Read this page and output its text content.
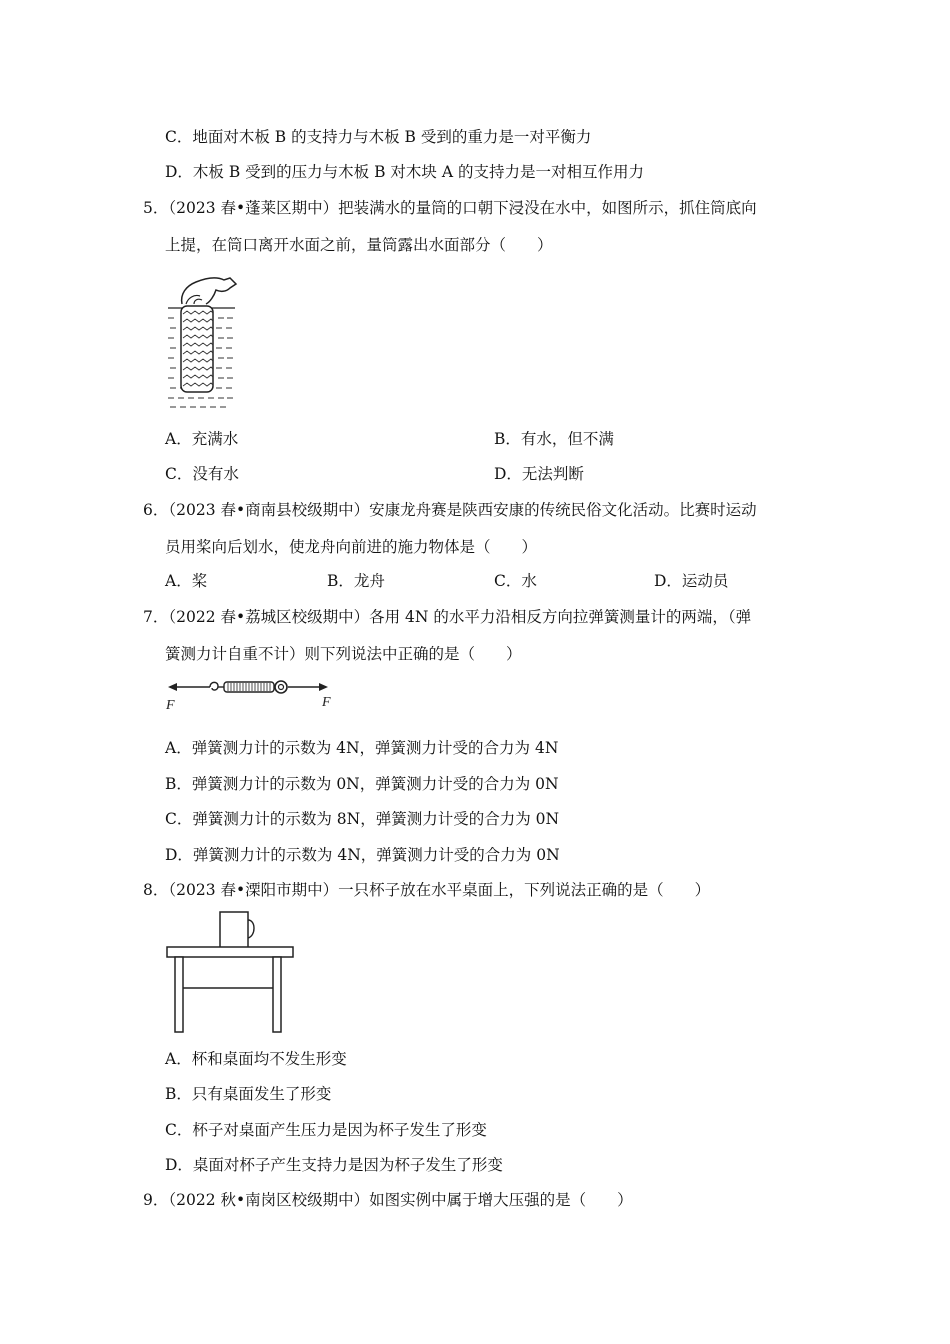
C．地面对木板 B 的支持力与木板 B 受到的重力是一对平衡力
D．木板 B 受到的压力与木板 B 对木块 A 的支持力是一对相互作用力
5．（2023 春•蓬莱区期中）把装满水的量筒的口朝下浸没在水中，如图所示，抓住筒底向
上提，在筒口离开水面之前，量筒露出水面部分（　　）
A．充满水	B．有水，但不满
C．没有水	D．无法判断
6．（2023 春•商南县校级期中）安康龙舟赛是陕西安康的传统民俗文化活动。比赛时运动
员用桨向后划水，使龙舟向前进的施力物体是（　　）
A．桨	B．龙舟	C．水	D．运动员
7．（2022 春•荔城区校级期中）各用 4N 的水平力沿相反方向拉弹簧测量计的两端，（弹
簧测力计自重不计）则下列说法中正确的是（　　）
F	F
A．弹簧测力计的示数为 4N，弹簧测力计受的合力为 4N
B．弹簧测力计的示数为 0N，弹簧测力计受的合力为 0N
C．弹簧测力计的示数为 8N，弹簧测力计受的合力为 0N
D．弹簧测力计的示数为 4N，弹簧测力计受的合力为 0N
8．（2023 春•溧阳市期中）一只杯子放在水平桌面上，下列说法正确的是（　　）
A．杯和桌面均不发生形变
B．只有桌面发生了形变
C．杯子对桌面产生压力是因为杯子发生了形变
D．桌面对杯子产生支持力是因为杯子发生了形变
9．（2022 秋•南岗区校级期中）如图实例中属于增大压强的是（　　）
